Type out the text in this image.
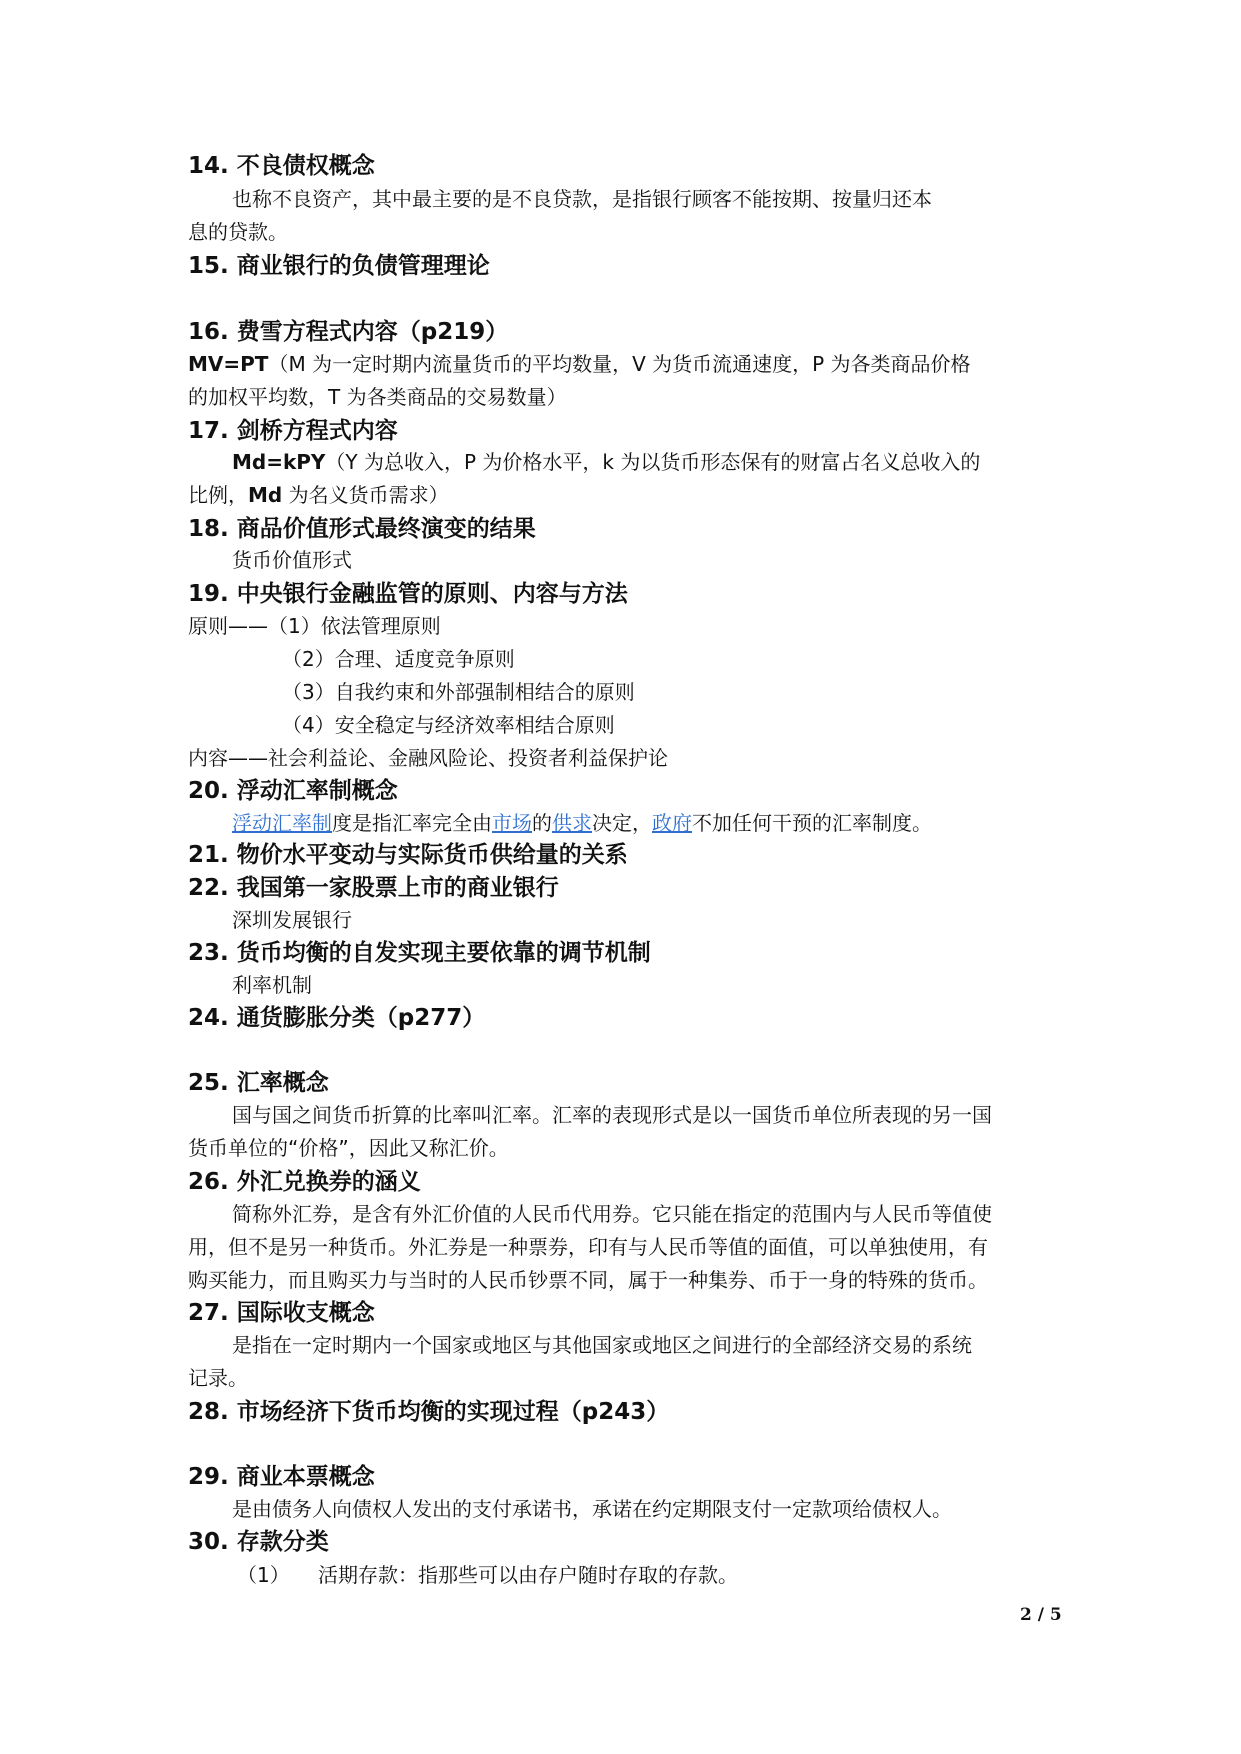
14. 不良债权概念
也称不良资产，其中最主要的是不良贷款，是指银行顾客不能按期、按量归还本
息的贷款。
15. 商业银行的负债管理理论
16. 费雪方程式内容（p219）
MV=PT（M 为一定时期内流量货币的平均数量，V 为货币流通速度，P 为各类商品价格
的加权平均数，T 为各类商品的交易数量）
17. 剑桥方程式内容
Md=kPY（Y 为总收入，P 为价格水平，k 为以货币形态保有的财富占名义总收入的
比例，Md 为名义货币需求）
18. 商品价值形式最终演变的结果
货币价值形式
19. 中央银行金融监管的原则、内容与方法
原则——（1）依法管理原则
（2）合理、适度竞争原则
（3）自我约束和外部强制相结合的原则
（4）安全稳定与经济效率相结合原则
内容——社会利益论、金融风险论、投资者利益保护论
20. 浮动汇率制概念
浮动汇率制度是指汇率完全由市场的供求决定，政府不加任何干预的汇率制度。
21. 物价水平变动与实际货币供给量的关系
22. 我国第一家股票上市的商业银行
深圳发展银行
23. 货币均衡的自发实现主要依靠的调节机制
利率机制
24. 通货膨胀分类（p277）
25. 汇率概念
国与国之间货币折算的比率叫汇率。汇率的表现形式是以一国货币单位所表现的另一国
货币单位的“价格”，因此又称汇价。
26. 外汇兑换券的涵义
简称外汇券，是含有外汇价值的人民币代用券。它只能在指定的范围内与人民币等值使
用，但不是另一种货币。外汇券是一种票券，印有与人民币等值的面值，可以单独使用，有
购买能力，而且购买力与当时的人民币钞票不同，属于一种集券、币于一身的特殊的货币。
27. 国际收支概念
是指在一定时期内一个国家或地区与其他国家或地区之间进行的全部经济交易的系统
记录。
28. 市场经济下货币均衡的实现过程（p243）
29. 商业本票概念
是由债务人向债权人发出的支付承诺书，承诺在约定期限支付一定款项给债权人。
30. 存款分类
（1）	活期存款：指那些可以由存户随时存取的存款。
2 / 5
